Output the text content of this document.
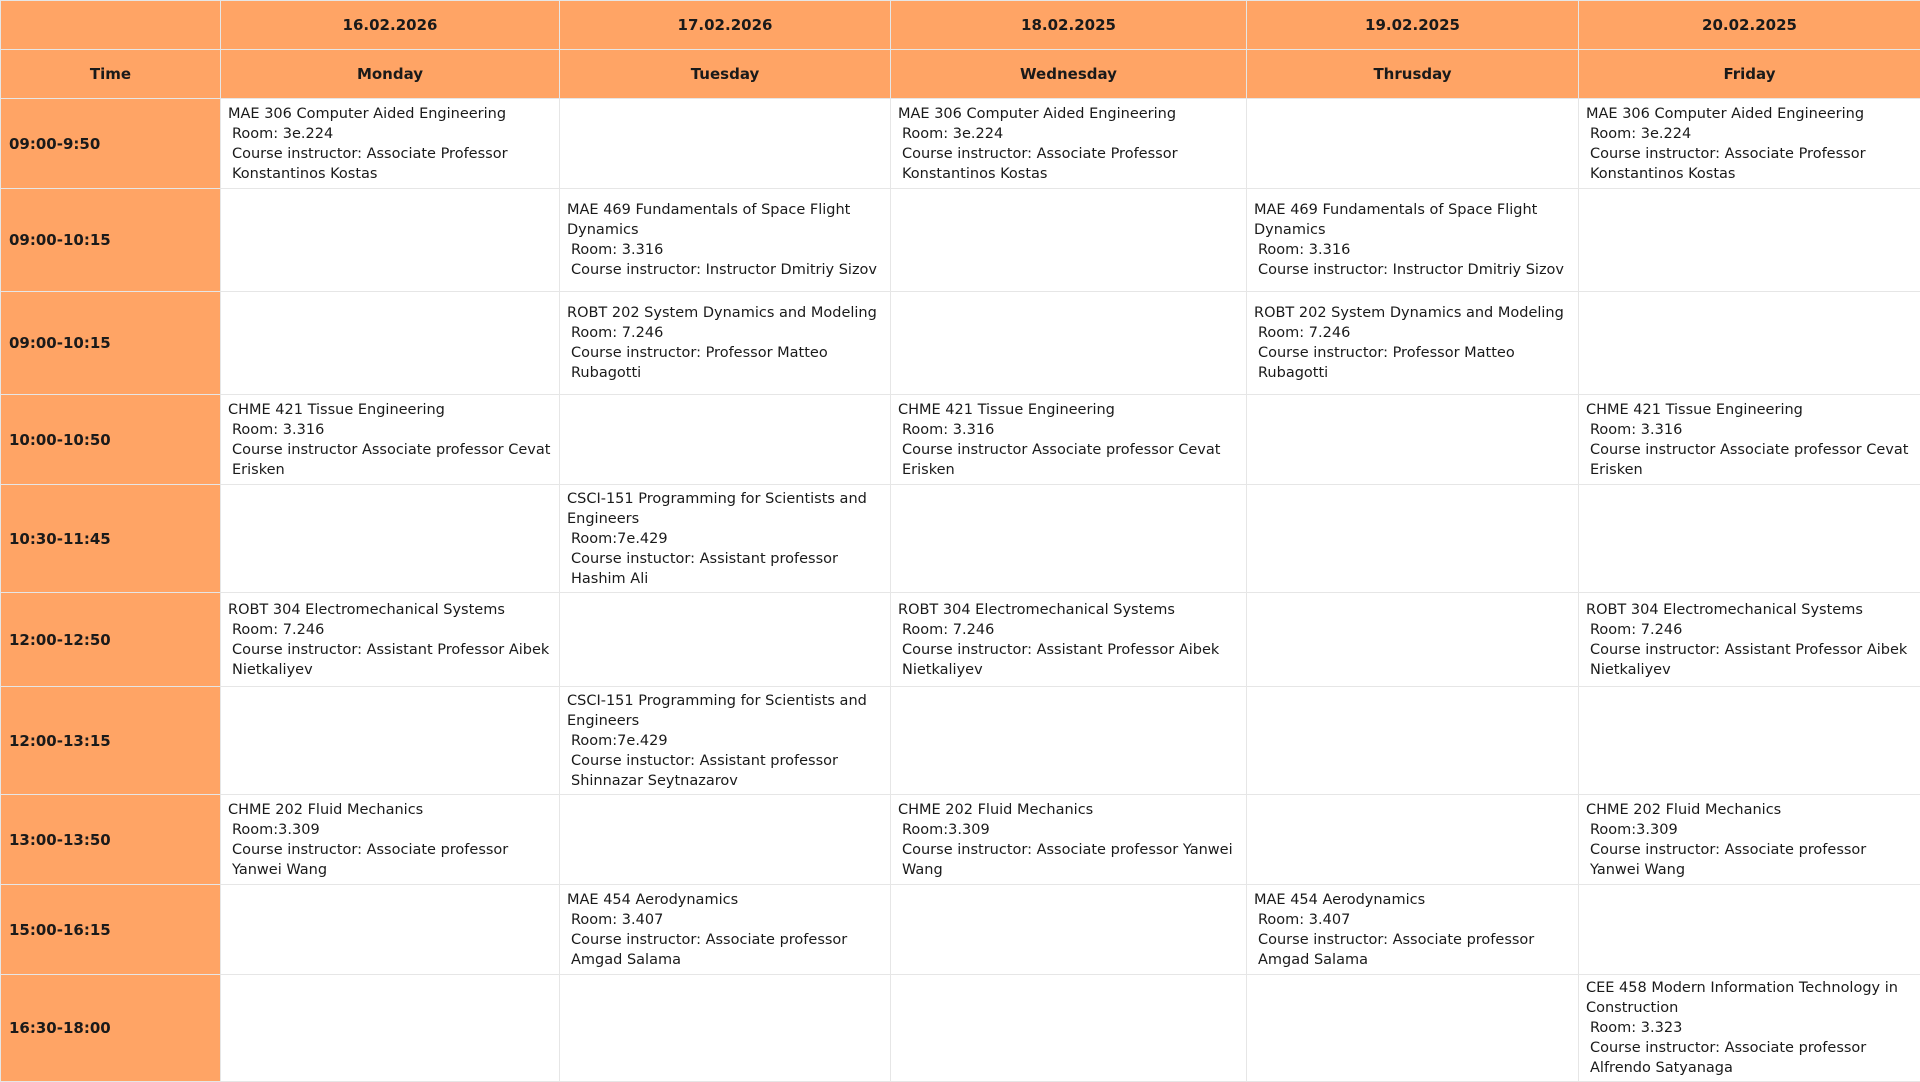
	16.02.2026	17.02.2026	18.02.2025	19.02.2025	20.02.2025
Time	Monday	Tuesday	Wednesday	Thrusday	Friday
09:00-9:50	MAE 306 Computer Aided Engineering
Room: 3e.224
Course instructor: Associate Professor Konstantinos Kostas		MAE 306 Computer Aided Engineering
Room: 3e.224
Course instructor: Associate Professor Konstantinos Kostas		MAE 306 Computer Aided Engineering
Room: 3e.224
Course instructor: Associate Professor Konstantinos Kostas

09:00-10:15		MAE 469 Fundamentals of Space Flight Dynamics
Room: 3.316
Course instructor: Instructor Dmitriy Sizov		MAE 469 Fundamentals of Space Flight Dynamics
Room: 3.316
Course instructor: Instructor Dmitriy Sizov	

09:00-10:15		ROBT 202 System Dynamics and Modeling
Room: 7.246
Course instructor: Professor Matteo Rubagotti		ROBT 202 System Dynamics and Modeling
Room: 7.246
Course instructor: Professor Matteo Rubagotti	

10:00-10:50	CHME 421 Tissue Engineering
Room: 3.316
Course instructor Associate professor Cevat Erisken		CHME 421 Tissue Engineering
Room: 3.316
Course instructor Associate professor Cevat Erisken		CHME 421 Tissue Engineering
Room: 3.316
Course instructor Associate professor Cevat Erisken

10:30-11:45		CSCI-151 Programming for Scientists and Engineers
Room:7e.429
Course instuctor: Assistant professor Hashim Ali			

12:00-12:50	ROBT 304 Electromechanical Systems
Room: 7.246
Course instructor: Assistant Professor Aibek Nietkaliyev		ROBT 304 Electromechanical Systems
Room: 7.246
Course instructor: Assistant Professor Aibek Nietkaliyev		ROBT 304 Electromechanical Systems
Room: 7.246
Course instructor: Assistant Professor Aibek Nietkaliyev

12:00-13:15		CSCI-151 Programming for Scientists and Engineers
Room:7e.429
Course instuctor: Assistant professor Shinnazar Seytnazarov			

13:00-13:50	CHME 202 Fluid Mechanics
Room:3.309
Course instructor: Associate professor Yanwei Wang		CHME 202 Fluid Mechanics
Room:3.309
Course instructor: Associate professor Yanwei Wang		CHME 202 Fluid Mechanics
Room:3.309
Course instructor: Associate professor Yanwei Wang

15:00-16:15		MAE 454 Aerodynamics
Room: 3.407
Course instructor: Associate professor Amgad Salama		MAE 454 Aerodynamics
Room: 3.407
Course instructor: Associate professor Amgad Salama	

16:30-18:00					CEE 458 Modern Information Technology in Construction
Room: 3.323
Course instructor: Associate professor Alfrendo Satyanaga
